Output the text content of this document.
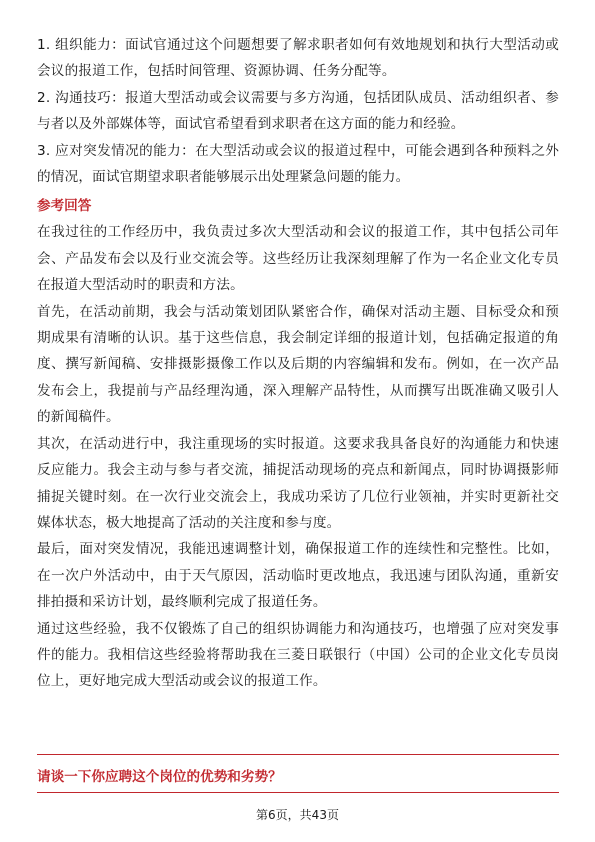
1. 组织能力：面试官通过这个问题想要了解求职者如何有效地规划和执行大型活动或会议的报道工作，包括时间管理、资源协调、任务分配等。

2. 沟通技巧：报道大型活动或会议需要与多方沟通，包括团队成员、活动组织者、参与者以及外部媒体等，面试官希望看到求职者在这方面的能力和经验。

3. 应对突发情况的能力：在大型活动或会议的报道过程中，可能会遇到各种预料之外的情况，面试官期望求职者能够展示出处理紧急问题的能力。

参考回答

在我过往的工作经历中，我负责过多次大型活动和会议的报道工作，其中包括公司年会、产品发布会以及行业交流会等。这些经历让我深刻理解了作为一名企业文化专员在报道大型活动时的职责和方法。

首先，在活动前期，我会与活动策划团队紧密合作，确保对活动主题、目标受众和预期成果有清晰的认识。基于这些信息，我会制定详细的报道计划，包括确定报道的角度、撰写新闻稿、安排摄影摄像工作以及后期的内容编辑和发布。例如，在一次产品发布会上，我提前与产品经理沟通，深入理解产品特性，从而撰写出既准确又吸引人的新闻稿件。

其次，在活动进行中，我注重现场的实时报道。这要求我具备良好的沟通能力和快速反应能力。我会主动与参与者交流，捕捉活动现场的亮点和新闻点，同时协调摄影师捕捉关键时刻。在一次行业交流会上，我成功采访了几位行业领袖，并实时更新社交媒体状态，极大地提高了活动的关注度和参与度。

最后，面对突发情况，我能迅速调整计划，确保报道工作的连续性和完整性。比如，在一次户外活动中，由于天气原因，活动临时更改地点，我迅速与团队沟通，重新安排拍摄和采访计划，最终顺利完成了报道任务。

通过这些经验，我不仅锻炼了自己的组织协调能力和沟通技巧，也增强了应对突发事件的能力。我相信这些经验将帮助我在三菱日联银行（中国）公司的企业文化专员岗位上，更好地完成大型活动或会议的报道工作。

请谈一下你应聘这个岗位的优势和劣势？
第6页，共43页
